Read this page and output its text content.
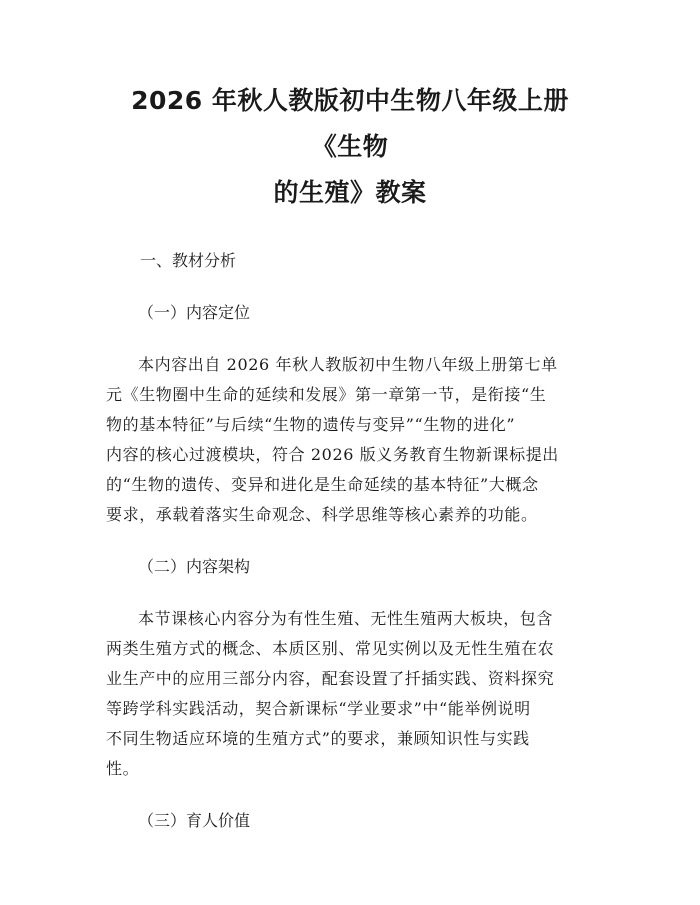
2026 年秋人教版初中生物八年级上册《生物
的生殖》教案
一、教材分析
（一）内容定位

本内容出自 2026 年秋人教版初中生物八年级上册第七单
元《生物圈中生命的延续和发展》第一章第一节，是衔接“生
物的基本特征”与后续“生物的遗传与变异”“生物的进化”
内容的核心过渡模块，符合 2026 版义务教育生物新课标提出
的“生物的遗传、变异和进化是生命延续的基本特征”大概念
要求，承载着落实生命观念、科学思维等核心素养的功能。

（二）内容架构

本节课核心内容分为有性生殖、无性生殖两大板块，包含
两类生殖方式的概念、本质区别、常见实例以及无性生殖在农
业生产中的应用三部分内容，配套设置了扦插实践、资料探究
等跨学科实践活动，契合新课标“学业要求”中“能举例说明
不同生物适应环境的生殖方式”的要求，兼顾知识性与实践
性。

（三）育人价值
